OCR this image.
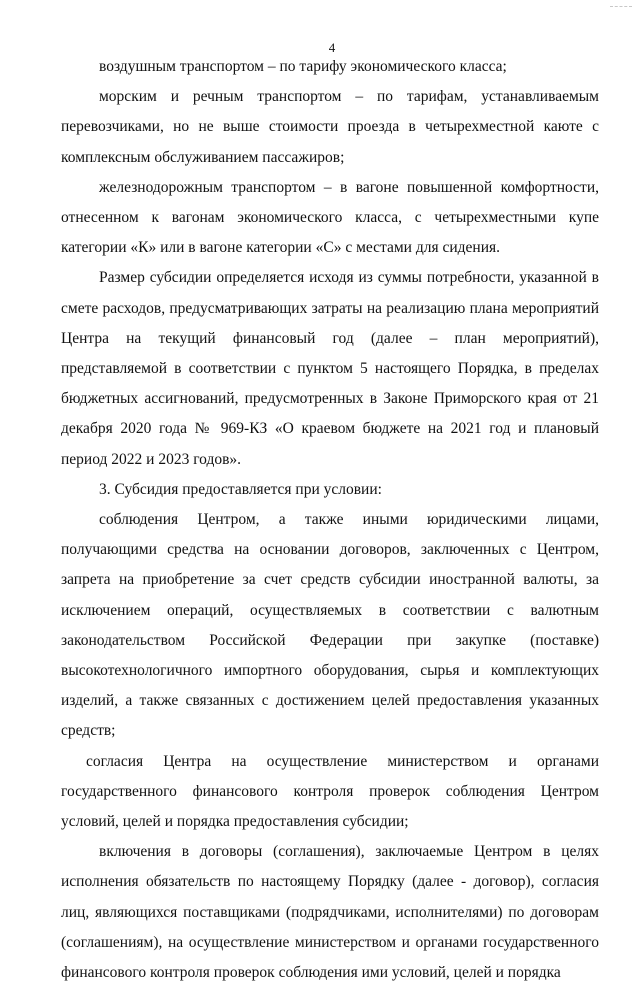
4

воздушным транспортом – по тарифу экономического класса;

морским и речным транспортом – по тарифам, устанавливаемым перевозчиками, но не выше стоимости проезда в четырехместной каюте с комплексным обслуживанием пассажиров;

железнодорожным транспортом – в вагоне повышенной комфортности, отнесенном к вагонам экономического класса, с четырехместными купе категории «К» или в вагоне категории «С» с местами для сидения.

Размер субсидии определяется исходя из суммы потребности, указанной в смете расходов, предусматривающих затраты на реализацию плана мероприятий Центра на текущий финансовый год (далее – план мероприятий), представляемой в соответствии с пунктом 5 настоящего Порядка, в пределах бюджетных ассигнований, предусмотренных в Законе Приморского края от 21 декабря 2020 года № 969-КЗ «О краевом бюджете на 2021 год и плановый период 2022 и 2023 годов».

3. Субсидия предоставляется при условии:

соблюдения Центром, а также иными юридическими лицами, получающими средства на основании договоров, заключенных с Центром, запрета на приобретение за счет средств субсидии иностранной валюты, за исключением операций, осуществляемых в соответствии с валютным законодательством Российской Федерации при закупке (поставке) высокотехнологичного импортного оборудования, сырья и комплектующих изделий, а также связанных с достижением целей предоставления указанных средств;

согласия Центра на осуществление министерством и органами государственного финансового контроля проверок соблюдения Центром условий, целей и порядка предоставления субсидии;

включения в договоры (соглашения), заключаемые Центром в целях исполнения обязательств по настоящему Порядку (далее - договор), согласия лиц, являющихся поставщиками (подрядчиками, исполнителями) по договорам (соглашениям), на осуществление министерством и органами государственного финансового контроля проверок соблюдения ими условий, целей и порядка
